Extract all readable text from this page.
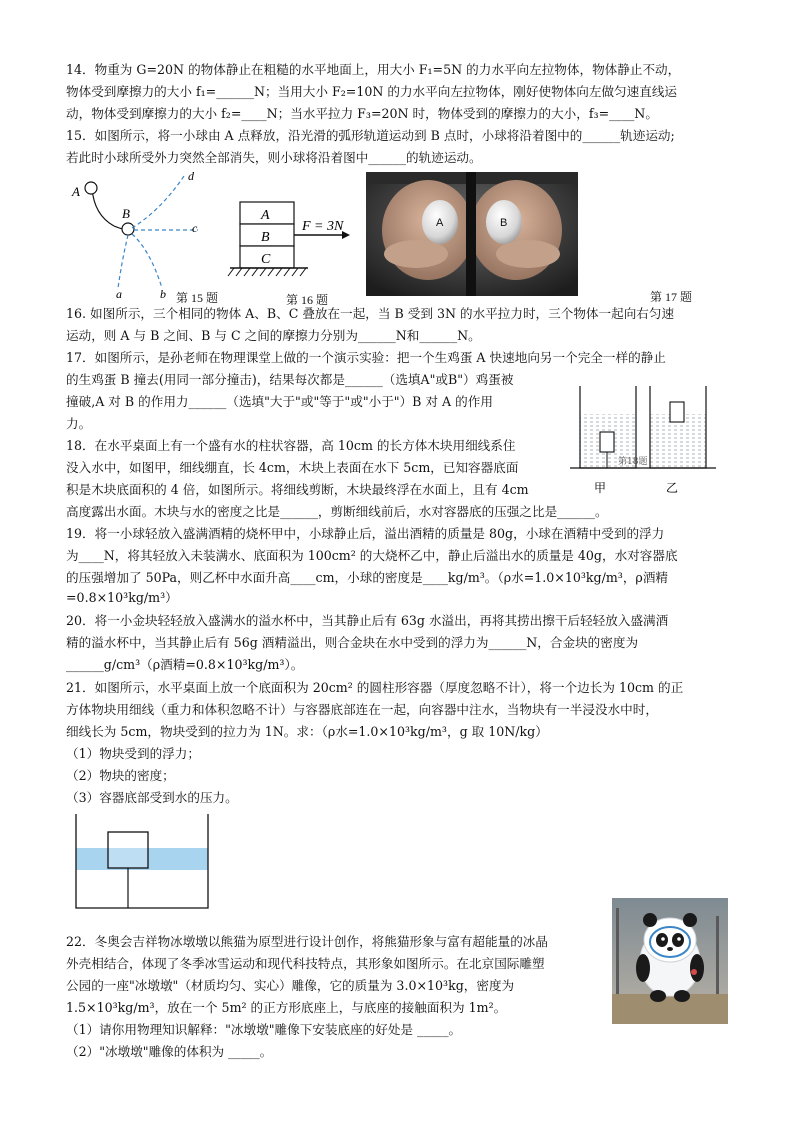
14．物重为 G=20N 的物体静止在粗糙的水平地面上，用大小 F₁=5N 的力水平向左拉物体，物体静止不动，
物体受到摩擦力的大小 f₁=______N；当用大小 F₂=10N 的力水平向左拉物体，刚好使物体向左做匀速直线运
动，物体受到摩擦力的大小 f₂=____N；当水平拉力 F₃=20N 时，物体受到的摩擦力的大小，f₃=____N。
15．如图所示，将一小球由 A 点释放，沿光滑的弧形轨道运动到 B 点时，小球将沿着图中的______轨迹运动;
若此时小球所受外力突然全部消失，则小球将沿着图中______的轨迹运动。
A
B
d
c
b
a	第 15 题
A
B
C
F = 3N
第 16 题
A	B
第 17 题
16. 如图所示，三个相同的物体 A、B、C 叠放在一起，当 B 受到 3N 的水平拉力时，三个物体一起向右匀速
运动，则 A 与 B 之间、B 与 C 之间的摩擦力分别为______N和______N。
17．如图所示，是孙老师在物理课堂上做的一个演示实验：把一个生鸡蛋 A 快速地向另一个完全一样的静止
的生鸡蛋 B 撞去(用同一部分撞击)，结果每次都是______（选填A"或B"）鸡蛋被
撞破,A 对 B 的作用力______（选填"大于"或"等于"或"小于"）B 对 A 的作用
力。
18．在水平桌面上有一个盛有水的柱状容器，高 10cm 的长方体木块用细线系住
没入水中，如图甲，细线绷直，长 4cm，木块上表面在水下 5cm，已知容器底面
积是木块底面积的 4 倍，如图所示。将细线剪断，木块最终浮在水面上，且有 4cm
高度露出水面。木块与水的密度之比是______，剪断细线前后，水对容器底的压强之比是______。
甲	乙
第18题
19．将一小球轻放入盛满酒精的烧杯甲中，小球静止后，溢出酒精的质量是 80g，小球在酒精中受到的浮力
为____N，将其轻放入未装满水、底面积为 100cm² 的大烧杯乙中，静止后溢出水的质量是 40g，水对容器底
的压强增加了 50Pa，则乙杯中水面升高____cm，小球的密度是____kg/m³。（ρ水=1.0×10³kg/m³，ρ酒精
=0.8×10³kg/m³）
20．将一小金块轻轻放入盛满水的溢水杯中，当其静止后有 63g 水溢出，再将其捞出擦干后轻轻放入盛满酒
精的溢水杯中，当其静止后有 56g 酒精溢出，则合金块在水中受到的浮力为______N，合金块的密度为
______g/cm³（ρ酒精=0.8×10³kg/m³）。
21．如图所示，水平桌面上放一个底面积为 20cm² 的圆柱形容器（厚度忽略不计），将一个边长为 10cm 的正
方体物块用细线（重力和体积忽略不计）与容器底部连在一起，向容器中注水，当物块有一半浸没水中时，
细线长为 5cm，物块受到的拉力为 1N。求：（ρ水=1.0×10³kg/m³，g 取 10N/kg）
（1）物块受到的浮力；
（2）物块的密度；
（3）容器底部受到水的压力。
22．冬奥会吉祥物冰墩墩以熊猫为原型进行设计创作，将熊猫形象与富有超能量的冰晶
外壳相结合，体现了冬季冰雪运动和现代科技特点，其形象如图所示。在北京国际雕塑
公园的一座"冰墩墩"（材质均匀、实心）雕像，它的质量为 3.0×10³kg，密度为
1.5×10³kg/m³，放在一个 5m² 的正方形底座上，与底座的接触面积为 1m²。
（1）请你用物理知识解释："冰墩墩"雕像下安装底座的好处是 _____。
（2）"冰墩墩"雕像的体积为 _____。
